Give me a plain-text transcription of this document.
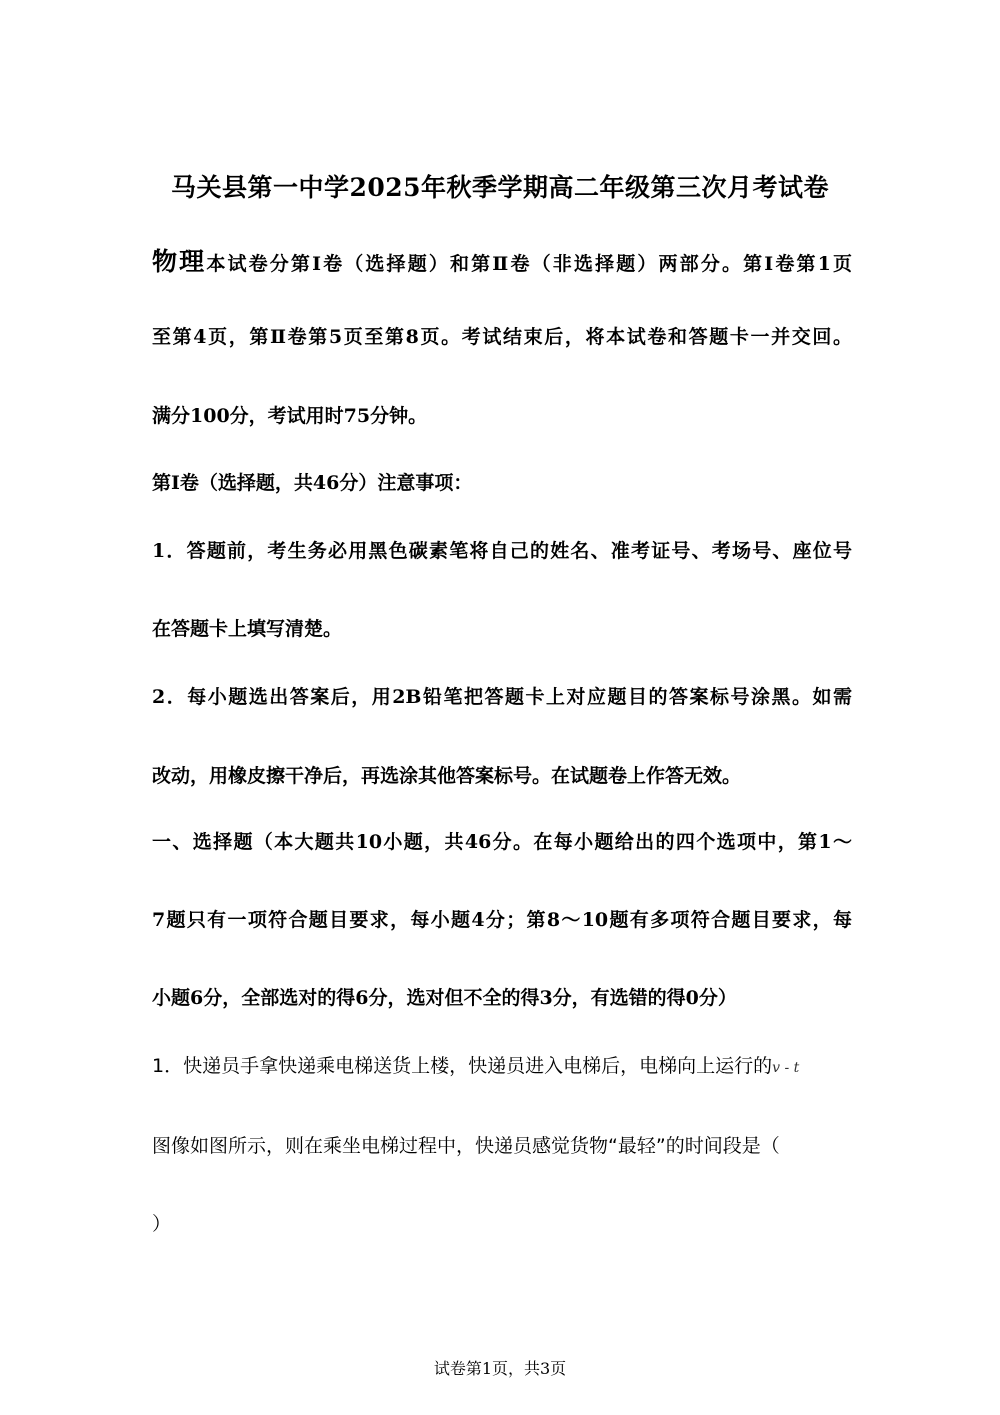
马关县第一中学2025年秋季学期高二年级第三次月考试卷
物理本试卷分第Ⅰ卷（选择题）和第Ⅱ卷（非选择题）两部分。第Ⅰ卷第1页
至第4页，第Ⅱ卷第5页至第8页。考试结束后，将本试卷和答题卡一并交回。
满分100分，考试用时75分钟。
第Ⅰ卷（选择题，共46分）注意事项：
1．答题前，考生务必用黑色碳素笔将自己的姓名、准考证号、考场号、座位号
在答题卡上填写清楚。
2．每小题选出答案后，用2B铅笔把答题卡上对应题目的答案标号涂黑。如需
改动，用橡皮擦干净后，再选涂其他答案标号。在试题卷上作答无效。
一、选择题（本大题共10小题，共46分。在每小题给出的四个选项中，第1～
7题只有一项符合题目要求，每小题4分；第8～10题有多项符合题目要求，每
小题6分，全部选对的得6分，选对但不全的得3分，有选错的得0分）
1．快递员手拿快递乘电梯送货上楼，快递员进入电梯后，电梯向上运行的v - t
图像如图所示，则在乘坐电梯过程中，快递员感觉货物“最轻”的时间段是（
）
试卷第1页，共3页
